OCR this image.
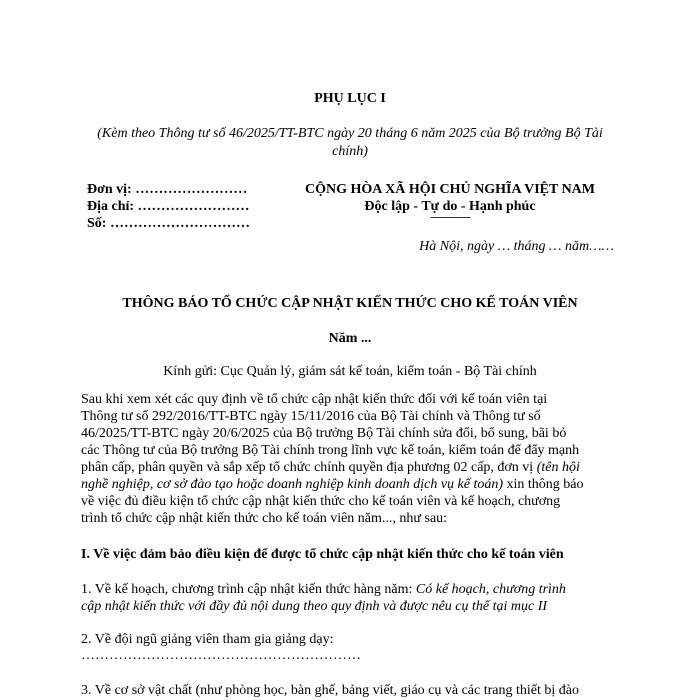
PHỤ LỤC I
(Kèm theo Thông tư số 46/2025/TT-BTC ngày 20 tháng 6 năm 2025 của Bộ trưởng Bộ Tài chính)
Đơn vị: ……………………
Địa chỉ: ……………………
Số: …………………………
CỘNG HÒA XÃ HỘI CHỦ NGHĨA VIỆT NAM
Độc lập - Tự do - Hạnh phúc
---------------
Hà Nội, ngày … tháng … năm……
THÔNG BÁO TỔ CHỨC CẬP NHẬT KIẾN THỨC CHO KẾ TOÁN VIÊN
Năm ...
Kính gửi: Cục Quản lý, giám sát kế toán, kiểm toán - Bộ Tài chính
Sau khi xem xét các quy định về tổ chức cập nhật kiến thức đối với kế toán viên tại
Thông tư số 292/2016/TT-BTC ngày 15/11/2016 của Bộ Tài chính và Thông tư số
46/2025/TT-BTC ngày 20/6/2025 của Bộ trưởng Bộ Tài chính sửa đổi, bổ sung, bãi bỏ
các Thông tư của Bộ trưởng Bộ Tài chính trong lĩnh vực kế toán, kiểm toán để đẩy mạnh
phân cấp, phân quyền và sắp xếp tổ chức chính quyền địa phương 02 cấp, đơn vị (tên hội
nghề nghiệp, cơ sở đào tạo hoặc doanh nghiệp kinh doanh dịch vụ kế toán) xin thông báo
về việc đủ điều kiện tổ chức cập nhật kiến thức cho kế toán viên và kế hoạch, chương
trình tổ chức cập nhật kiến thức cho kế toán viên năm..., như sau:
I. Về việc đảm bảo điều kiện để được tổ chức cập nhật kiến thức cho kế toán viên
1. Về kế hoạch, chương trình cập nhật kiến thức hàng năm: Có kế hoạch, chương trình
cập nhật kiến thức với đầy đủ nội dung theo quy định và được nêu cụ thể tại mục II
2. Về đội ngũ giảng viên tham gia giảng dạy:
……………………………………………………
3. Về cơ sở vật chất (như phòng học, bàn ghế, bảng viết, giáo cụ và các trang thiết bị đào
